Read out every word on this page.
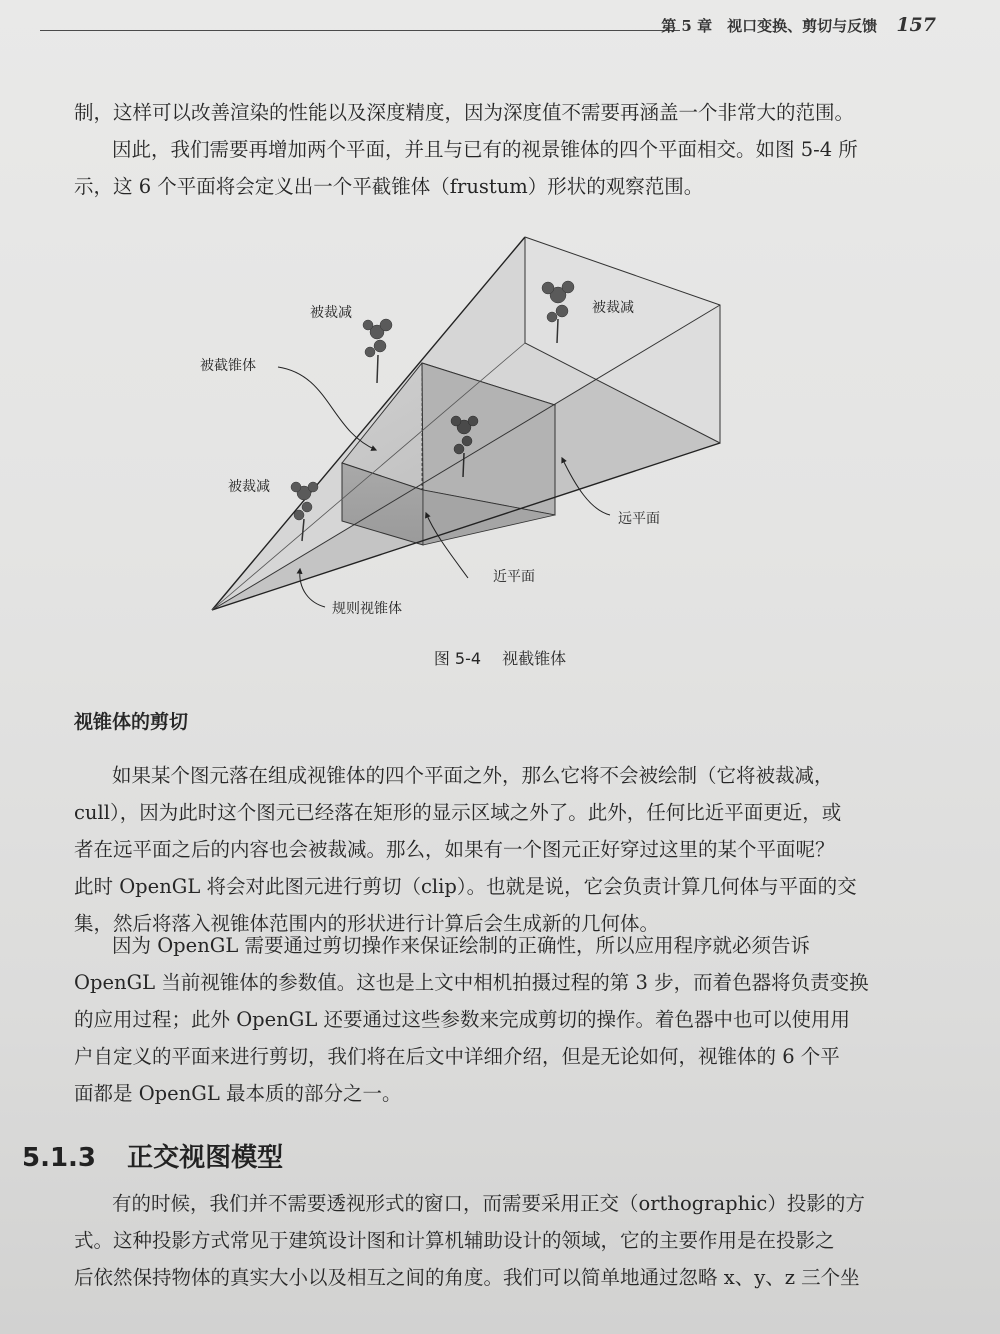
第 5 章　视口变换、剪切与反馈 157
制，这样可以改善渲染的性能以及深度精度，因为深度值不需要再涵盖一个非常大的范围。
因此，我们需要再增加两个平面，并且与已有的视景锥体的四个平面相交。如图 5-4 所
示，这 6 个平面将会定义出一个平截锥体（frustum）形状的观察范围。
被裁减	被裁减
被截锥体
被裁减
远平面
近平面
规则视锥体

图 5-4 视截锥体

视锥体的剪切
如果某个图元落在组成视锥体的四个平面之外，那么它将不会被绘制（它将被裁减，
cull），因为此时这个图元已经落在矩形的显示区域之外了。此外，任何比近平面更近，或
者在远平面之后的内容也会被裁减。那么，如果有一个图元正好穿过这里的某个平面呢？
此时 OpenGL 将会对此图元进行剪切（clip）。也就是说，它会负责计算几何体与平面的交
集，然后将落入视锥体范围内的形状进行计算后会生成新的几何体。
因为 OpenGL 需要通过剪切操作来保证绘制的正确性，所以应用程序就必须告诉
OpenGL 当前视锥体的参数值。这也是上文中相机拍摄过程的第 3 步，而着色器将负责变换
的应用过程；此外 OpenGL 还要通过这些参数来完成剪切的操作。着色器中也可以使用用
户自定义的平面来进行剪切，我们将在后文中详细介绍，但是无论如何，视锥体的 6 个平
面都是 OpenGL 最本质的部分之一。
5.1.3 正交视图模型
有的时候，我们并不需要透视形式的窗口，而需要采用正交（orthographic）投影的方
式。这种投影方式常见于建筑设计图和计算机辅助设计的领域，它的主要作用是在投影之
后依然保持物体的真实大小以及相互之间的角度。我们可以简单地通过忽略 x、y、z 三个坐
